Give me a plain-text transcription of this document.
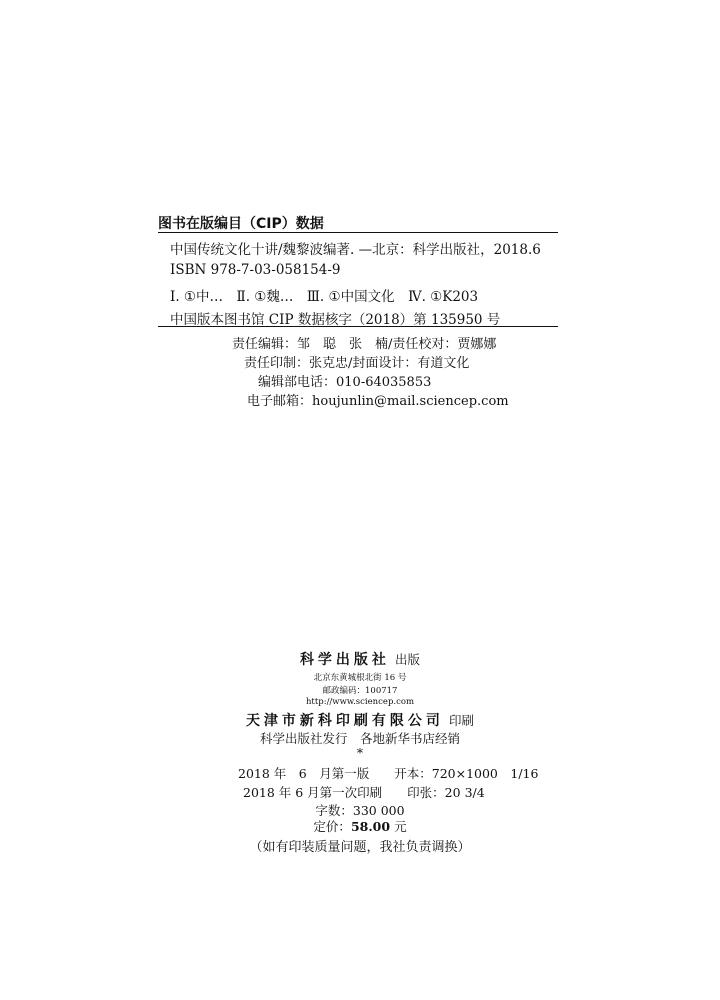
图书在版编目（CIP）数据
中国传统文化十讲/魏黎波编著. —北京：科学出版社，2018.6
ISBN 978-7-03-058154-9
Ⅰ. ①中…　Ⅱ. ①魏…　Ⅲ. ①中国文化　Ⅳ. ①K203
中国版本图书馆 CIP 数据核字（2018）第 135950 号
责任编辑：邹　聪　张　楠/责任校对：贾娜娜
责任印制：张克忠/封面设计：有道文化
编辑部电话：010-64035853
电子邮箱：houjunlin@mail.sciencep.com
科学出版社 出版
北京东黄城根北街 16 号
邮政编码：100717
http://www.sciencep.com
天津市新科印刷有限公司 印刷
科学出版社发行　各地新华书店经销
*
2018 年　6　月第一版　　开本：720×1000　1/16
2018 年 6 月第一次印刷　　印张：20 3/4
字数：330 000
定价：58.00 元
（如有印装质量问题，我社负责调换）
